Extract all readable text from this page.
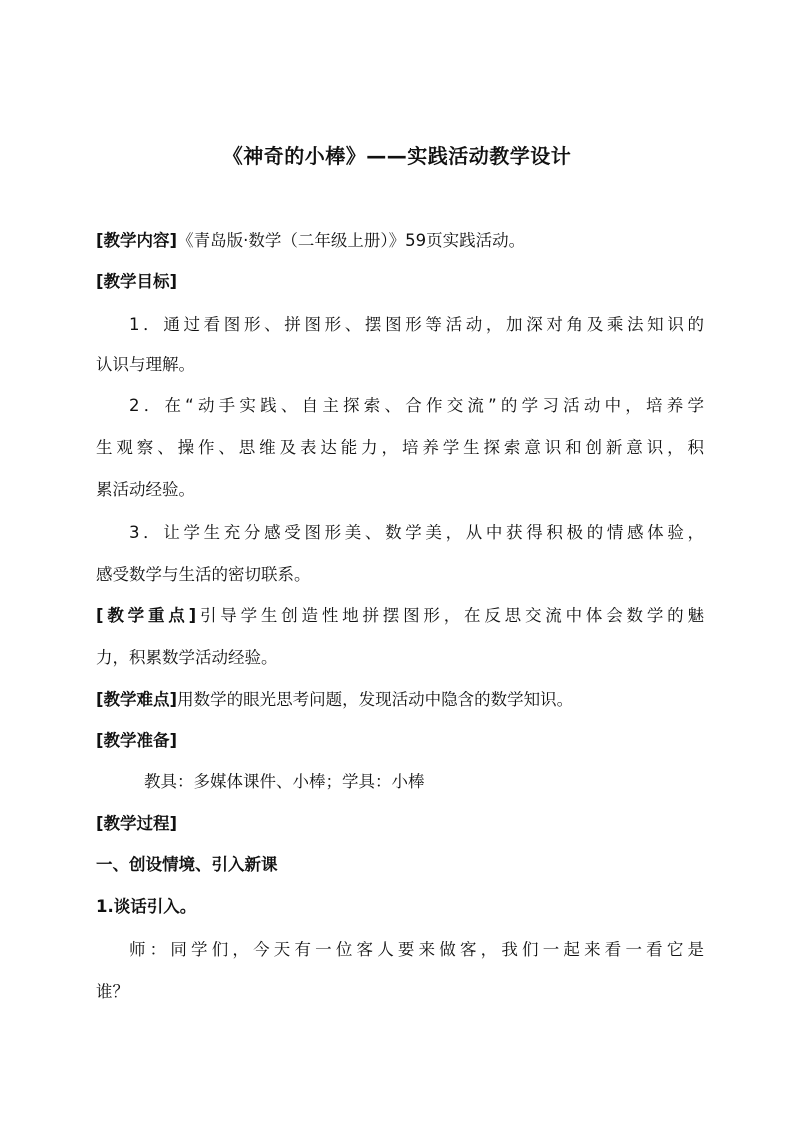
《神奇的小棒》——实践活动教学设计
[教学内容]《青岛版·数学（二年级上册）》59页实践活动。
[教学目标]
1．通过看图形、拼图形、摆图形等活动，加深对角及乘法知识的
认识与理解。
2．在“动手实践、自主探索、合作交流”的学习活动中，培养学
生观察、操作、思维及表达能力，培养学生探索意识和创新意识，积
累活动经验。
3．让学生充分感受图形美、数学美，从中获得积极的情感体验，
感受数学与生活的密切联系。
[教学重点]引导学生创造性地拼摆图形，在反思交流中体会数学的魅
力，积累数学活动经验。
[教学难点]用数学的眼光思考问题，发现活动中隐含的数学知识。
[教学准备]
教具：多媒体课件、小棒；学具：小棒
[教学过程]
一、创设情境、引入新课
1.谈话引入。
师：同学们，今天有一位客人要来做客，我们一起来看一看它是
谁？
